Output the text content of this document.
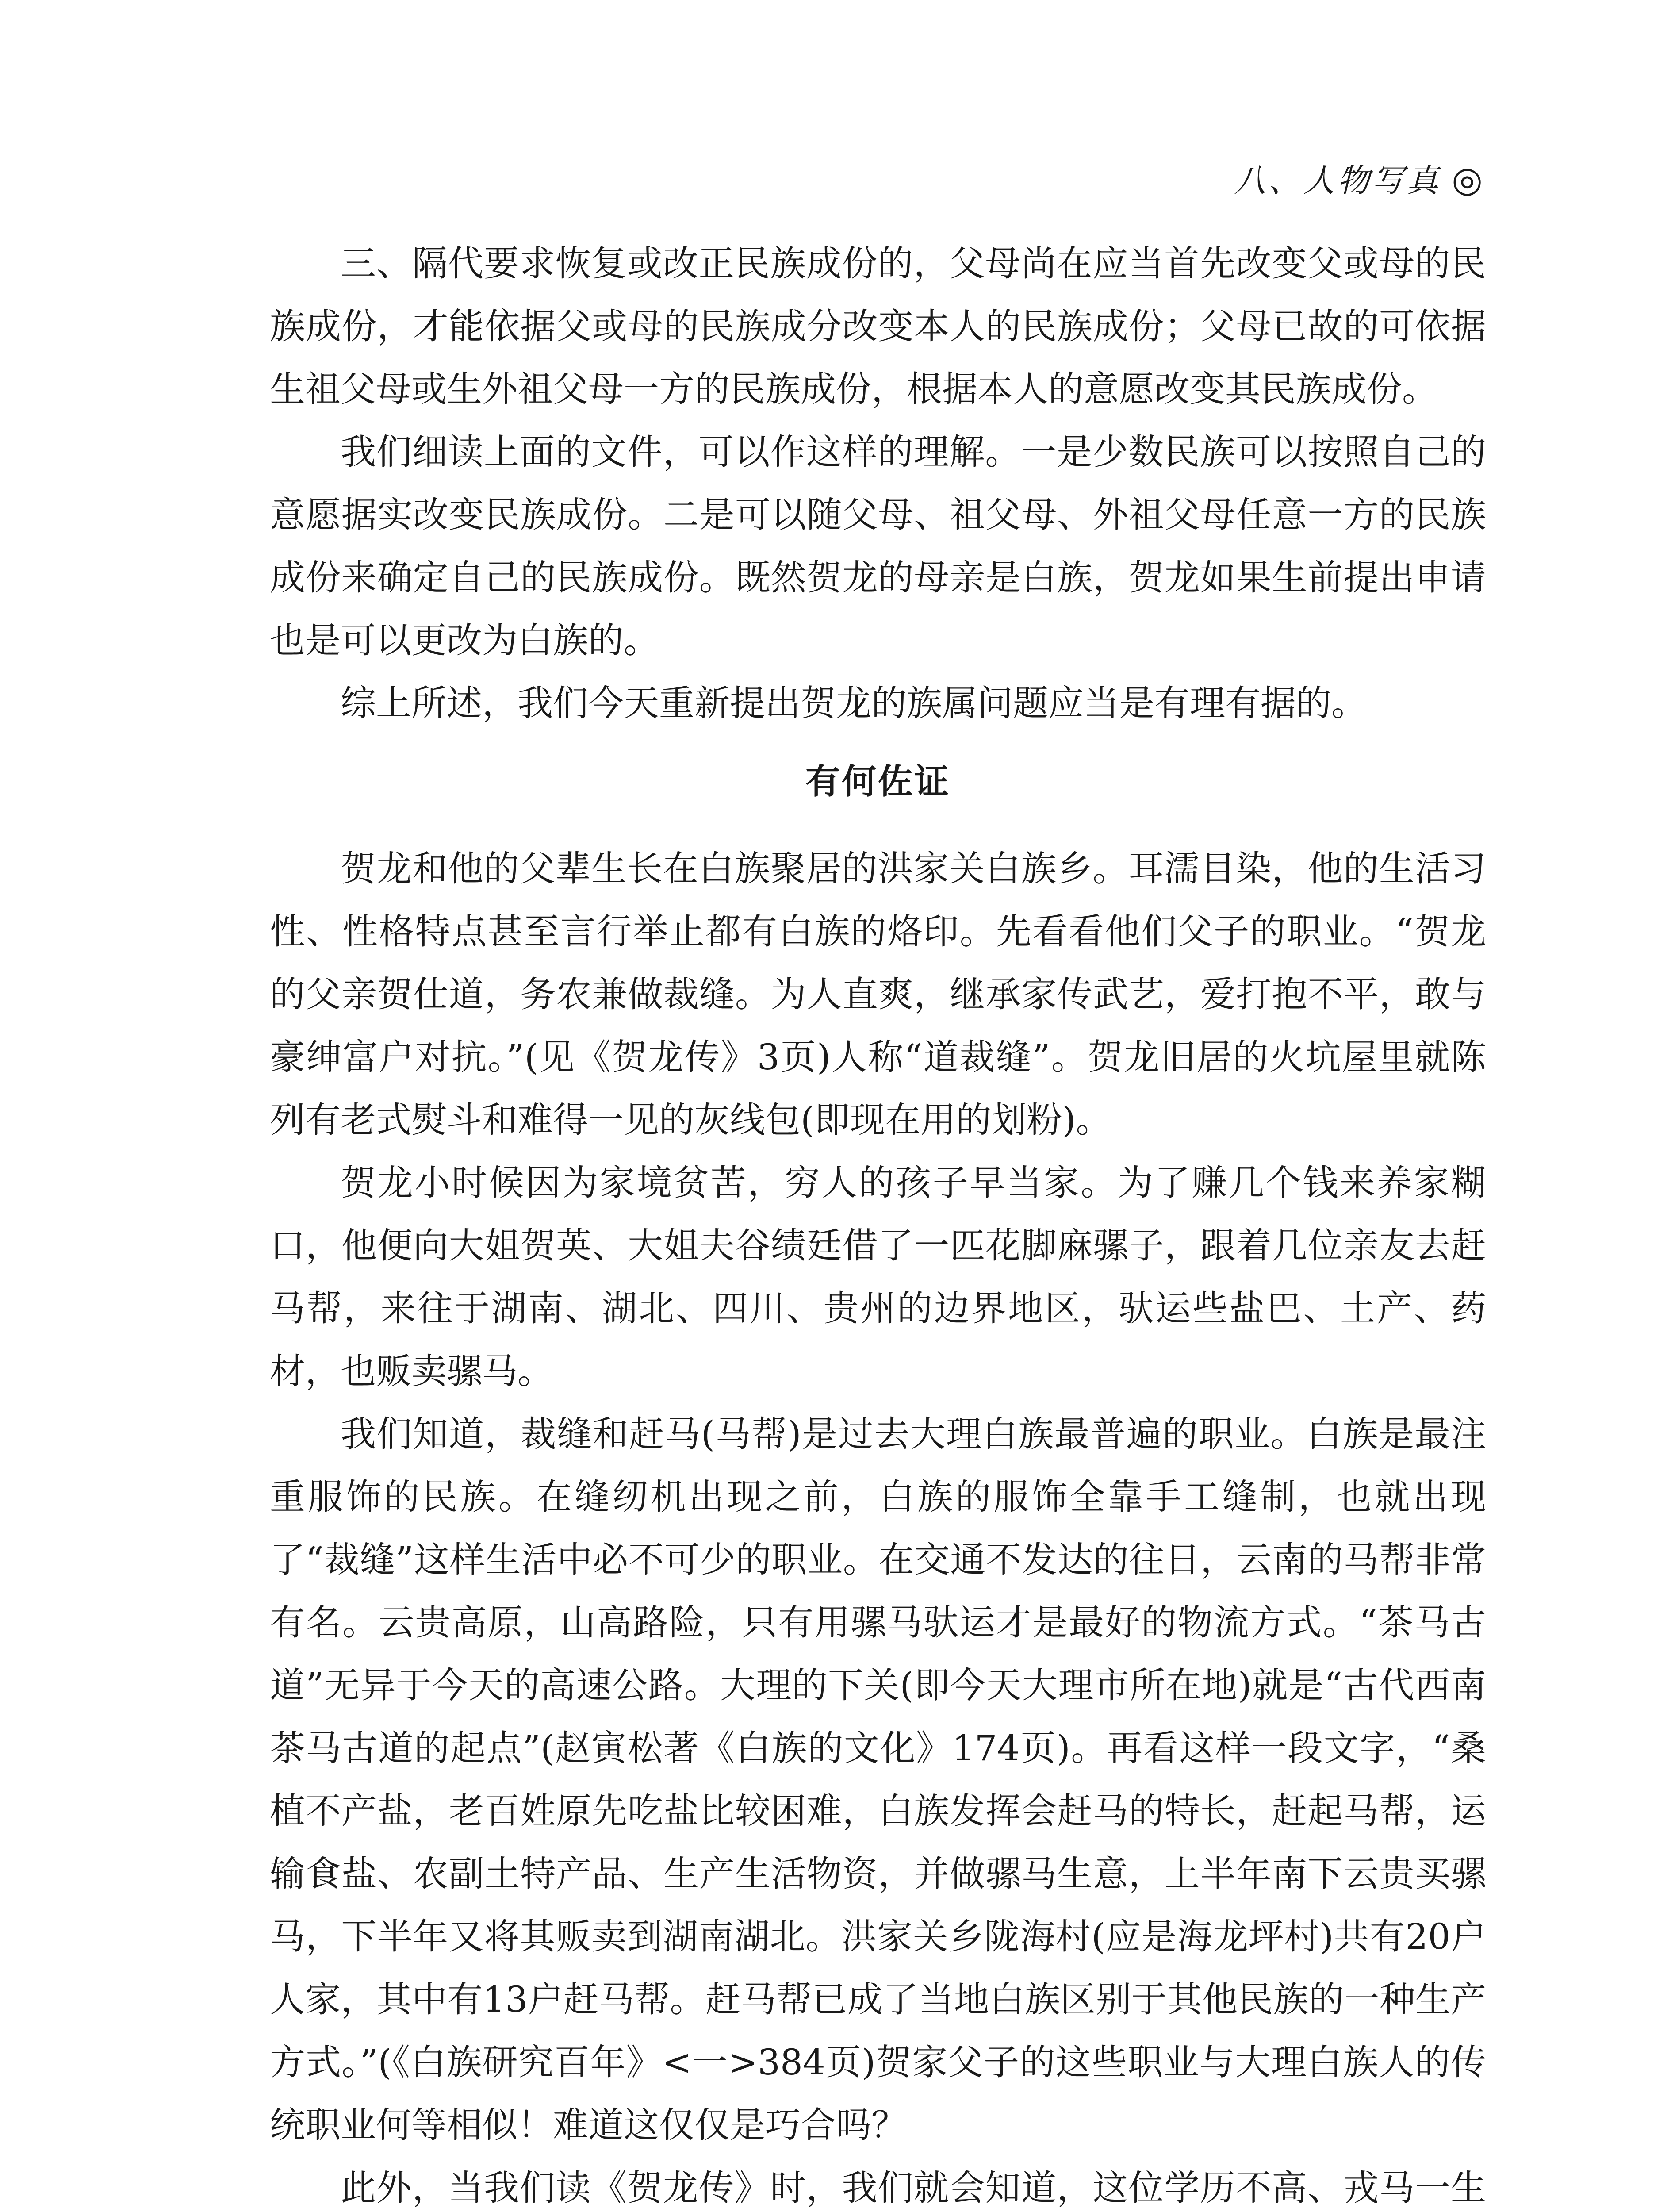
八、人物写真 ◎

三、隔代要求恢复或改正民族成份的，父母尚在应当首先改变父或母的民族成份，才能依据父或母的民族成分改变本人的民族成份；父母已故的可依据生祖父母或生外祖父母一方的民族成份，根据本人的意愿改变其民族成份。

我们细读上面的文件，可以作这样的理解。一是少数民族可以按照自己的意愿据实改变民族成份。二是可以随父母、祖父母、外祖父母任意一方的民族成份来确定自己的民族成份。既然贺龙的母亲是白族，贺龙如果生前提出申请也是可以更改为白族的。

综上所述，我们今天重新提出贺龙的族属问题应当是有理有据的。

有何佐证

贺龙和他的父辈生长在白族聚居的洪家关白族乡。耳濡目染，他的生活习性、性格特点甚至言行举止都有白族的烙印。先看看他们父子的职业。“贺龙的父亲贺仕道，务农兼做裁缝。为人直爽，继承家传武艺，爱打抱不平，敢与豪绅富户对抗。”(见《贺龙传》3页)人称“道裁缝”。贺龙旧居的火坑屋里就陈列有老式熨斗和难得一见的灰线包(即现在用的划粉)。

贺龙小时候因为家境贫苦，穷人的孩子早当家。为了赚几个钱来养家糊口，他便向大姐贺英、大姐夫谷绩廷借了一匹花脚麻骡子，跟着几位亲友去赶马帮，来往于湖南、湖北、四川、贵州的边界地区，驮运些盐巴、土产、药材，也贩卖骡马。

我们知道，裁缝和赶马(马帮)是过去大理白族最普遍的职业。白族是最注重服饰的民族。在缝纫机出现之前，白族的服饰全靠手工缝制，也就出现了“裁缝”这样生活中必不可少的职业。在交通不发达的往日，云南的马帮非常有名。云贵高原，山高路险，只有用骡马驮运才是最好的物流方式。“茶马古道”无异于今天的高速公路。大理的下关(即今天大理市所在地)就是“古代西南茶马古道的起点”(赵寅松著《白族的文化》174页)。再看这样一段文字，“桑植不产盐，老百姓原先吃盐比较困难，白族发挥会赶马的特长，赶起马帮，运输食盐、农副土特产品、生产生活物资，并做骡马生意，上半年南下云贵买骡马，下半年又将其贩卖到湖南湖北。洪家关乡陇海村(应是海龙坪村)共有20户人家，其中有13户赶马帮。赶马帮已成了当地白族区别于其他民族的一种生产方式。”(《白族研究百年》<一>384页)贺家父子的这些职业与大理白族人的传统职业何等相似！难道这仅仅是巧合吗？

此外，当我们读《贺龙传》时，我们就会知道，这位学历不高、戎马一生
